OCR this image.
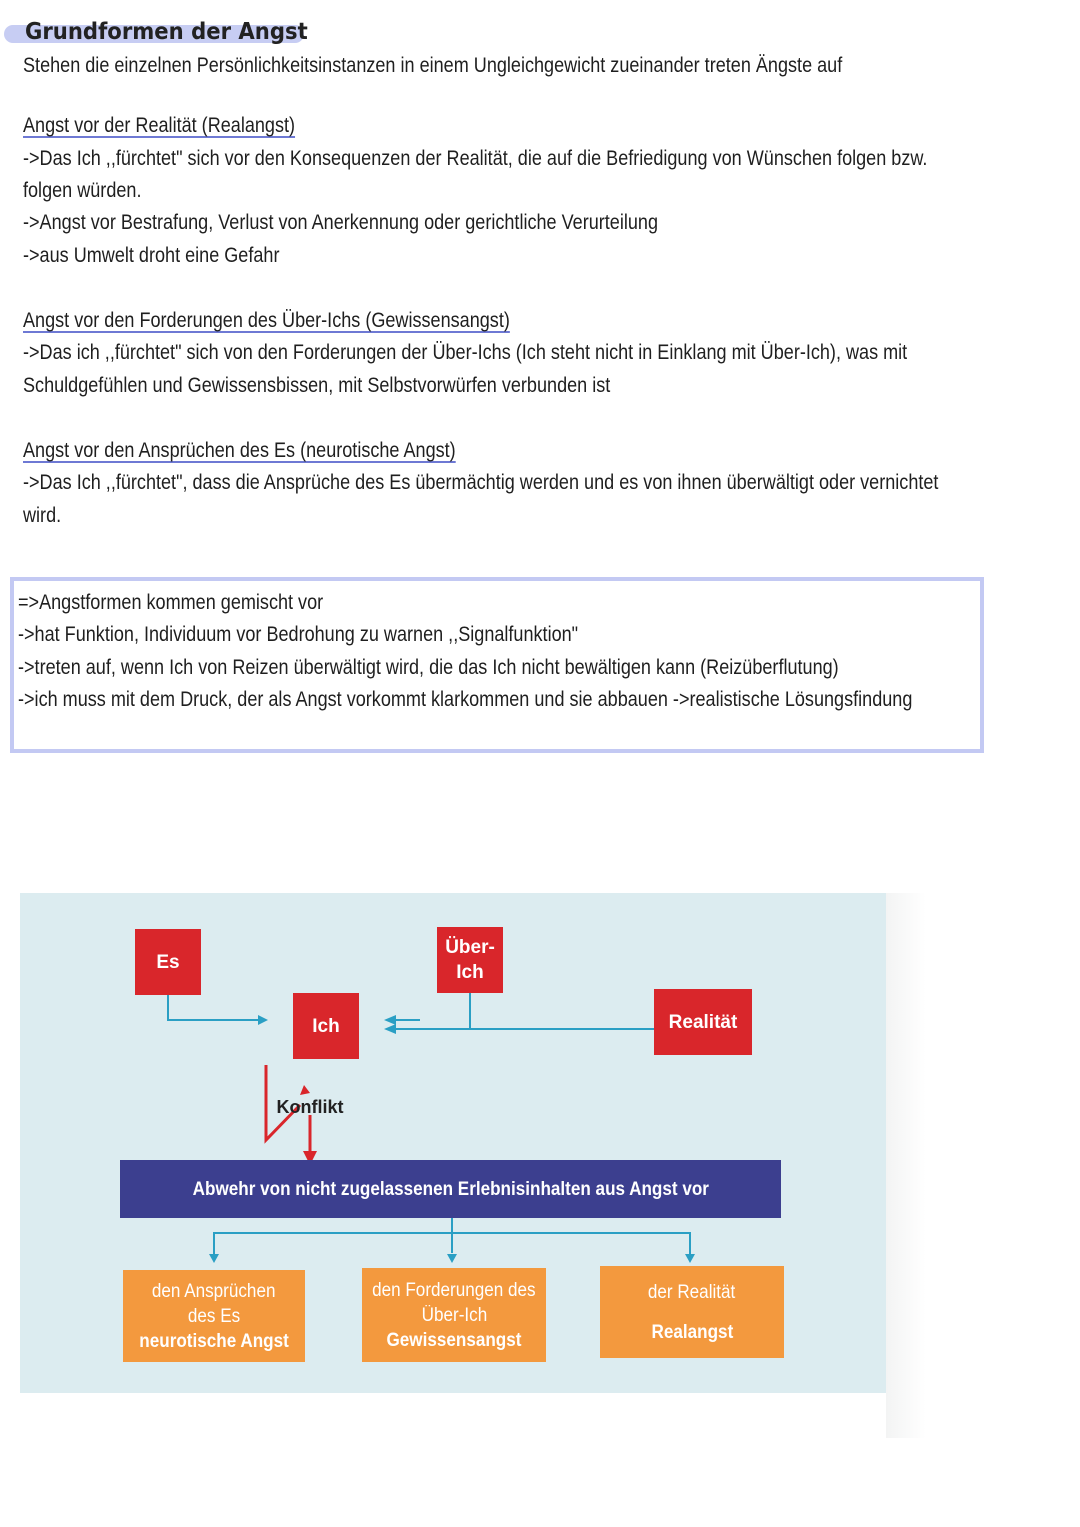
Grundformen der Angst
Stehen die einzelnen Persönlichkeitsinstanzen in einem Ungleichgewicht zueinander treten Ängste auf
Angst vor der Realität (Realangst)
->Das Ich ,,fürchtet" sich vor den Konsequenzen der Realität, die auf die Befriedigung von Wünschen folgen bzw.
folgen würden.
->Angst vor Bestrafung, Verlust von Anerkennung oder gerichtliche Verurteilung
->aus Umwelt droht eine Gefahr
Angst vor den Forderungen des Über-Ichs (Gewissensangst)
->Das ich ,,fürchtet" sich von den Forderungen der Über-Ichs (Ich steht nicht in Einklang mit Über-Ich), was mit
Schuldgefühlen und Gewissensbissen, mit Selbstvorwürfen verbunden ist
Angst vor den Ansprüchen des Es (neurotische Angst)
->Das Ich ,,fürchtet", dass die Ansprüche des Es übermächtig werden und es von ihnen überwältigt oder vernichtet
wird.
=>Angstformen kommen gemischt vor
->hat Funktion, Individuum vor Bedrohung zu warnen ,,Signalfunktion"
->treten auf, wenn Ich von Reizen überwältigt wird, die das Ich nicht bewältigen kann (Reizüberflutung)
->ich muss mit dem Druck, der als Angst vorkommt klarkommen und sie abbauen ->realistische Lösungsfindung
Es
Über-
Ich
Ich	Realität
Konflikt
Abwehr von nicht zugelassenen Erlebnisinhalten aus Angst vor
den Ansprüchen
des Es
neurotische Angst
den Forderungen des
Über-Ich
Gewissensangst
der Realität
Realangst
